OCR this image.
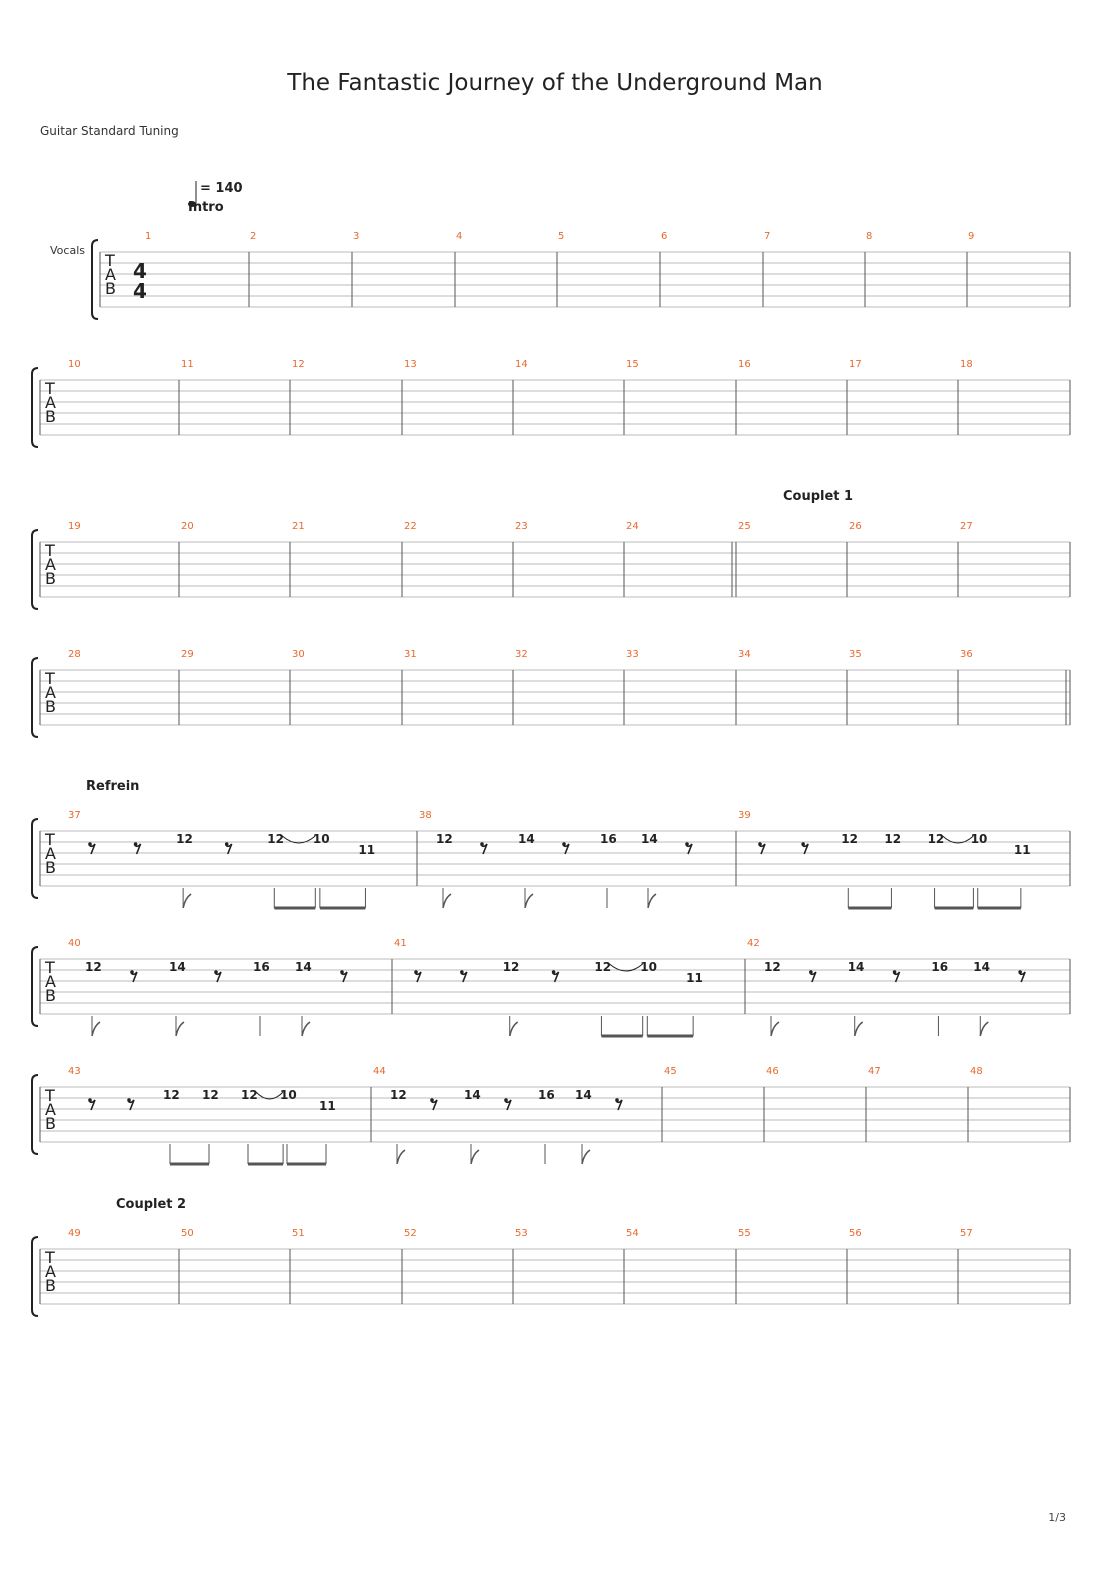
The Fantastic Journey of the Underground Man
Guitar Standard Tuning
Vocals
= 140
Intro
Couplet 1
Refrein
Couplet 2
T
A
B
4
4
1	2	3	4	5	6	7	8	9
T
A
B
10	11	12	13	14	15	16	17	18
T
A
B
19	20	21	22	23	24	25	26	27
T
A
B
28	29	30	31	32	33	34	35	36
T
A
B
37	38	39
12	12 10
11
12	14	16 14	12 12 12 10
11
T
A
B
40	41	42
12	14	16 14	12	12 10
11
12	14	16 14
T
A
B
43	44	45	46	47	48
12 12 12 10
11
12	14	16 14
T
A
B
49	50	51	52	53	54	55	56	57
1/3
